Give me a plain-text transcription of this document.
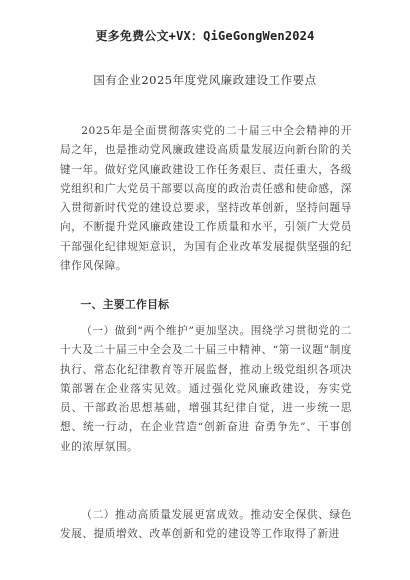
更多免费公文+VX：QiGeGongWen2024
国有企业2025年度党风廉政建设工作要点

2025年是全面贯彻落实党的二十届三中全会精神的开局之年，也是推动党风廉政建设高质量发展迈向新台阶的关键一年。做好党风廉政建设工作任务艰巨、责任重大，各级党组织和广大党员干部要以高度的政治责任感和使命感，深入贯彻新时代党的建设总要求，坚持改革创新，坚持问题导向，不断提升党风廉政建设工作质量和水平，引领广大党员干部强化纪律规矩意识，为国有企业改革发展提供坚强的纪律作风保障。

一、主要工作目标

（一）做到“两个维护”更加坚决。围绕学习贯彻党的二十大及二十届三中全会及二十届三中精神、“第一议题”制度执行、常态化纪律教育等开展监督，推动上级党组织各项决策部署在企业落实见效。通过强化党风廉政建设，夯实党员、干部政治思想基础，增强其纪律自觉，进一步统一思想、统一行动，在企业营造“创新奋进 奋勇争先”、干事创业的浓厚氛围。

（二）推动高质量发展更富成效。推动安全保供、绿色发展、提质增效、改革创新和党的建设等工作取得了新进
